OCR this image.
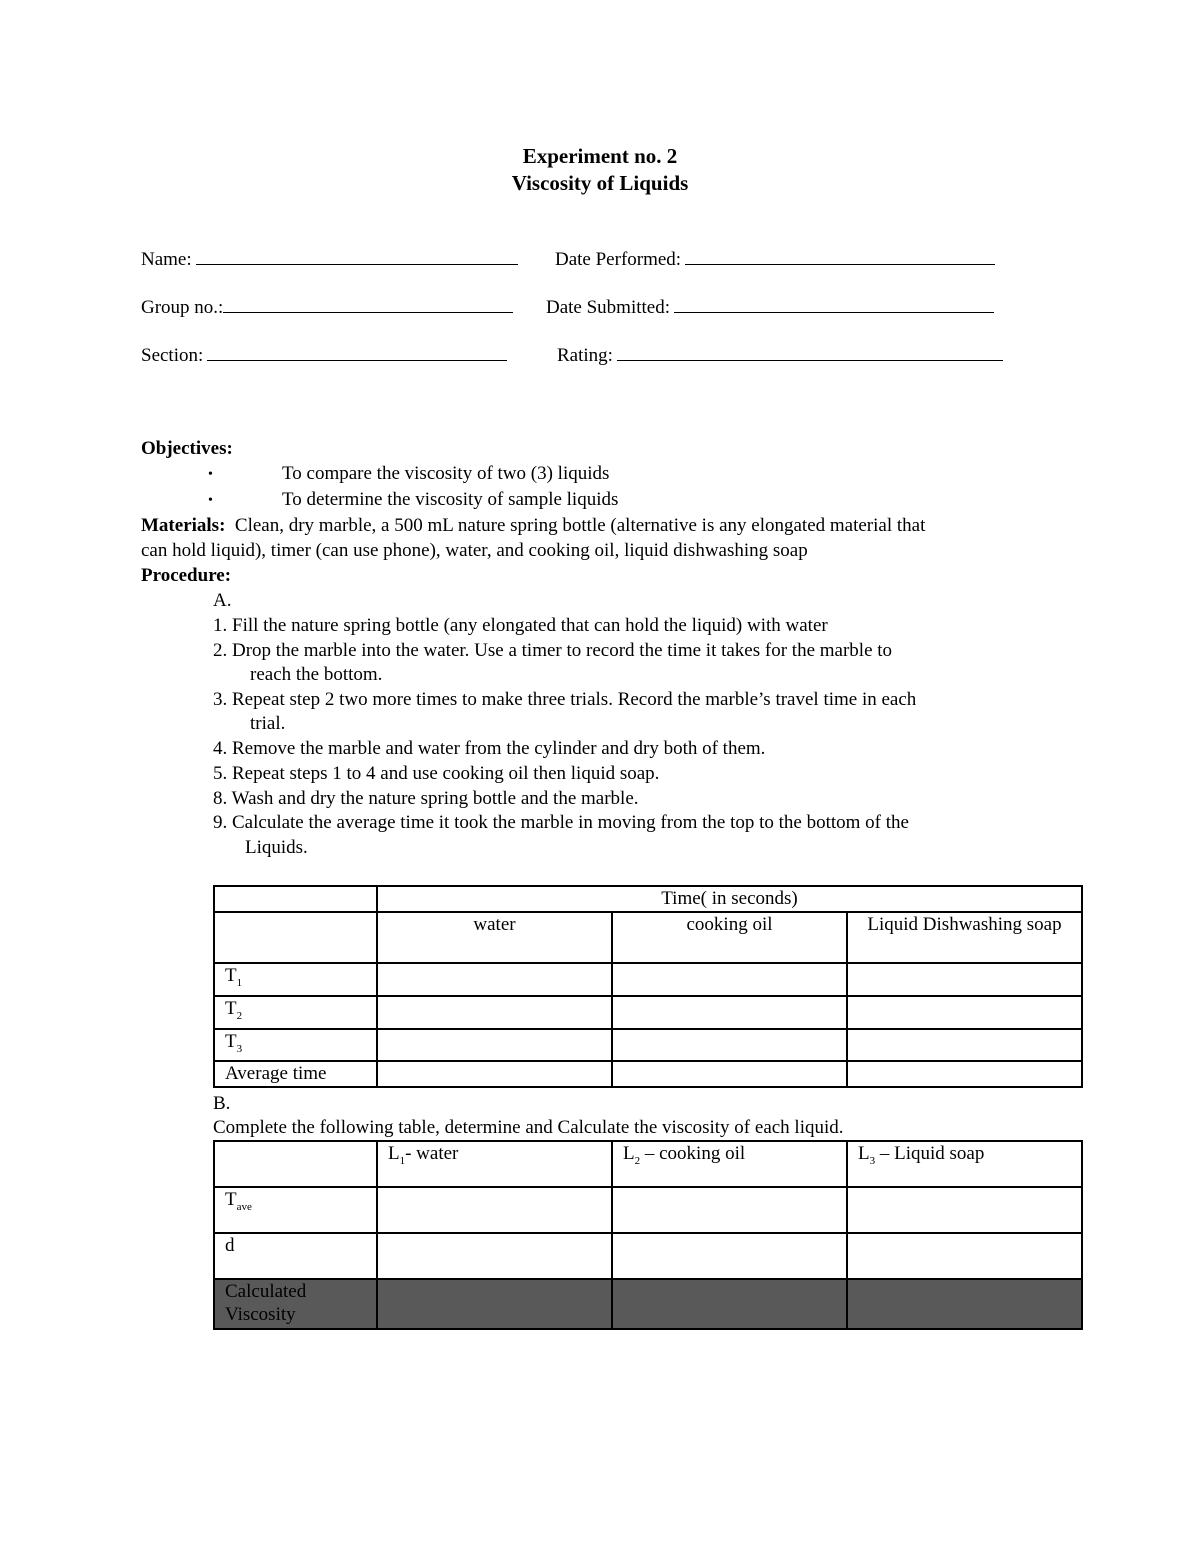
Experiment no. 2
Viscosity of Liquids
Name:	Date Performed:
Group no.:	Date Submitted:
Section:	Rating:
Objectives:
•	To compare the viscosity of two (3) liquids
•	To determine the viscosity of sample liquids
Materials: Clean, dry marble, a 500 mL nature spring bottle (alternative is any elongated material that
can hold liquid), timer (can use phone), water, and cooking oil, liquid dishwashing soap
Procedure:
A.
1. Fill the nature spring bottle (any elongated that can hold the liquid) with water
2. Drop the marble into the water. Use a timer to record the time it takes for the marble to
reach the bottom.
3. Repeat step 2 two more times to make three trials. Record the marble’s travel time in each
trial.
4. Remove the marble and water from the cylinder and dry both of them.
5. Repeat steps 1 to 4 and use cooking oil then liquid soap.
8. Wash and dry the nature spring bottle and the marble.
9. Calculate the average time it took the marble in moving from the top to the bottom of the
Liquids.
	Time( in seconds)		
	water	cooking oil	Liquid Dishwashing soap
$T_1$			
$T_2$			
$T_3$			
Average time			
B.
Complete the following table, determine and Calculate the viscosity of each liquid.
	$L_1-$ water	$L_2$ – cooking oil	$L_3$ – Liquid soap
$T_{ave}$			
d			
Calculated Viscosity			
